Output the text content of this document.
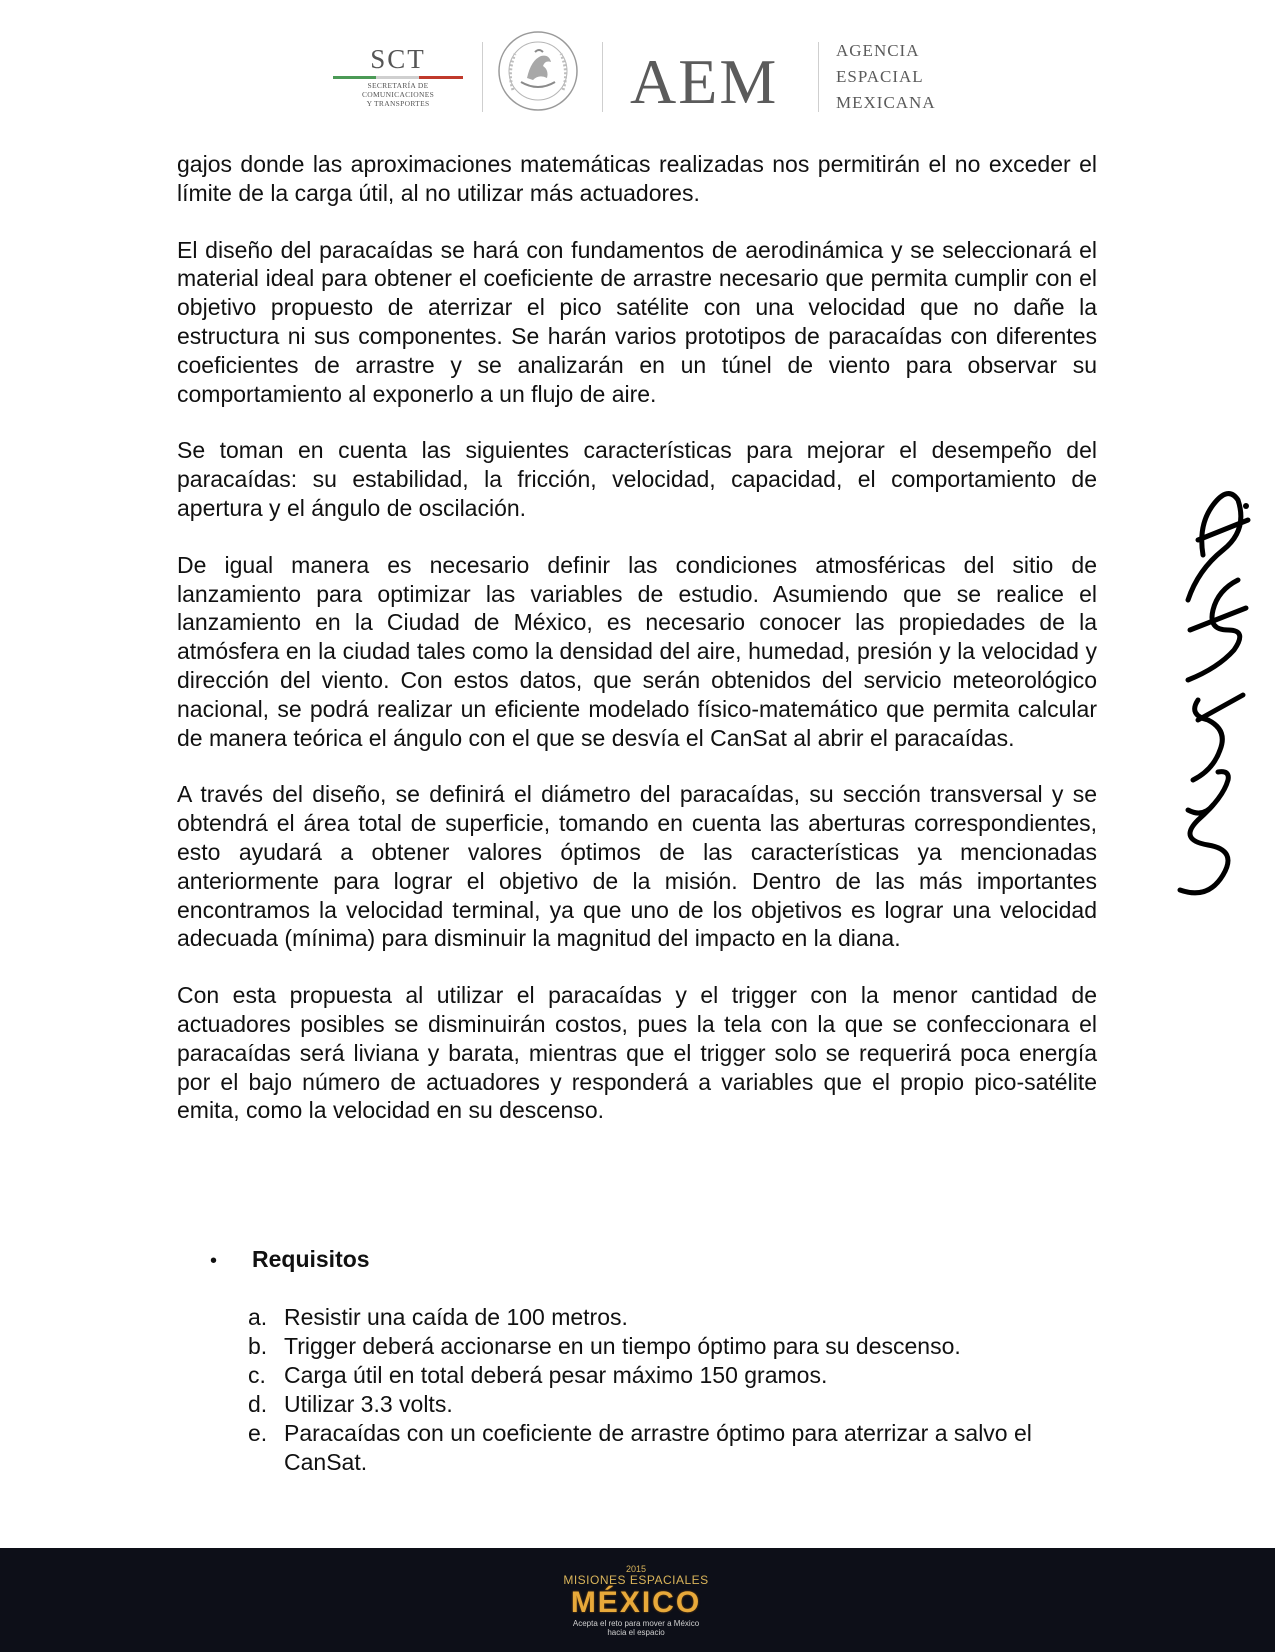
SCT
SECRETARÍA DE
COMUNICACIONES
Y TRANSPORTES	AEM	AGENCIA
ESPACIAL
MEXICANA

gajos donde las aproximaciones matemáticas realizadas nos permitirán el no exceder el límite de la carga útil, al no utilizar más actuadores.

El diseño del paracaídas se hará con fundamentos de aerodinámica y se seleccionará el material ideal para obtener el coeficiente de arrastre necesario que permita cumplir con el objetivo propuesto de aterrizar el pico satélite con una velocidad que no dañe la estructura ni sus componentes. Se harán varios prototipos de paracaídas con diferentes coeficientes de arrastre y se analizarán en un túnel de viento para observar su comportamiento al exponerlo a un flujo de aire.

Se toman en cuenta las siguientes características para mejorar el desempeño del paracaídas: su estabilidad, la fricción, velocidad, capacidad, el comportamiento de apertura y el ángulo de oscilación.

De igual manera es necesario definir las condiciones atmosféricas del sitio de lanzamiento para optimizar las variables de estudio. Asumiendo que se realice el lanzamiento en la Ciudad de México, es necesario conocer las propiedades de la atmósfera en la ciudad tales como la densidad del aire, humedad, presión y la velocidad y dirección del viento. Con estos datos, que serán obtenidos del servicio meteorológico nacional, se podrá realizar un eficiente modelado físico-matemático que permita calcular de manera teórica el ángulo con el que se desvía el CanSat al abrir el paracaídas.

A través del diseño, se definirá el diámetro del paracaídas, su sección transversal y se obtendrá el área total de superficie, tomando en cuenta las aberturas correspondientes, esto ayudará a obtener valores óptimos de las características ya mencionadas anteriormente para lograr el objetivo de la misión. Dentro de las más importantes encontramos la velocidad terminal, ya que uno de los objetivos es lograr una velocidad adecuada (mínima) para disminuir la magnitud del impacto en la diana.

Con esta propuesta al utilizar el paracaídas y el trigger con la menor cantidad de actuadores posibles se disminuirán costos, pues la tela con la que se confeccionara el paracaídas será liviana y barata, mientras que el trigger solo se requerirá poca energía por el bajo número de actuadores y responderá a variables que el propio pico-satélite emita, como la velocidad en su descenso.

•	Requisitos
a. Resistir una caída de 100 metros.
b. Trigger deberá accionarse en un tiempo óptimo para su descenso.
c. Carga útil en total deberá pesar máximo 150 gramos.
d. Utilizar 3.3 volts.
e. Paracaídas con un coeficiente de arrastre óptimo para aterrizar a salvo el CanSat.
2015
MISIONES ESPACIALES
MÉXICO
Acepta el reto para mover a México
hacia el espacio
